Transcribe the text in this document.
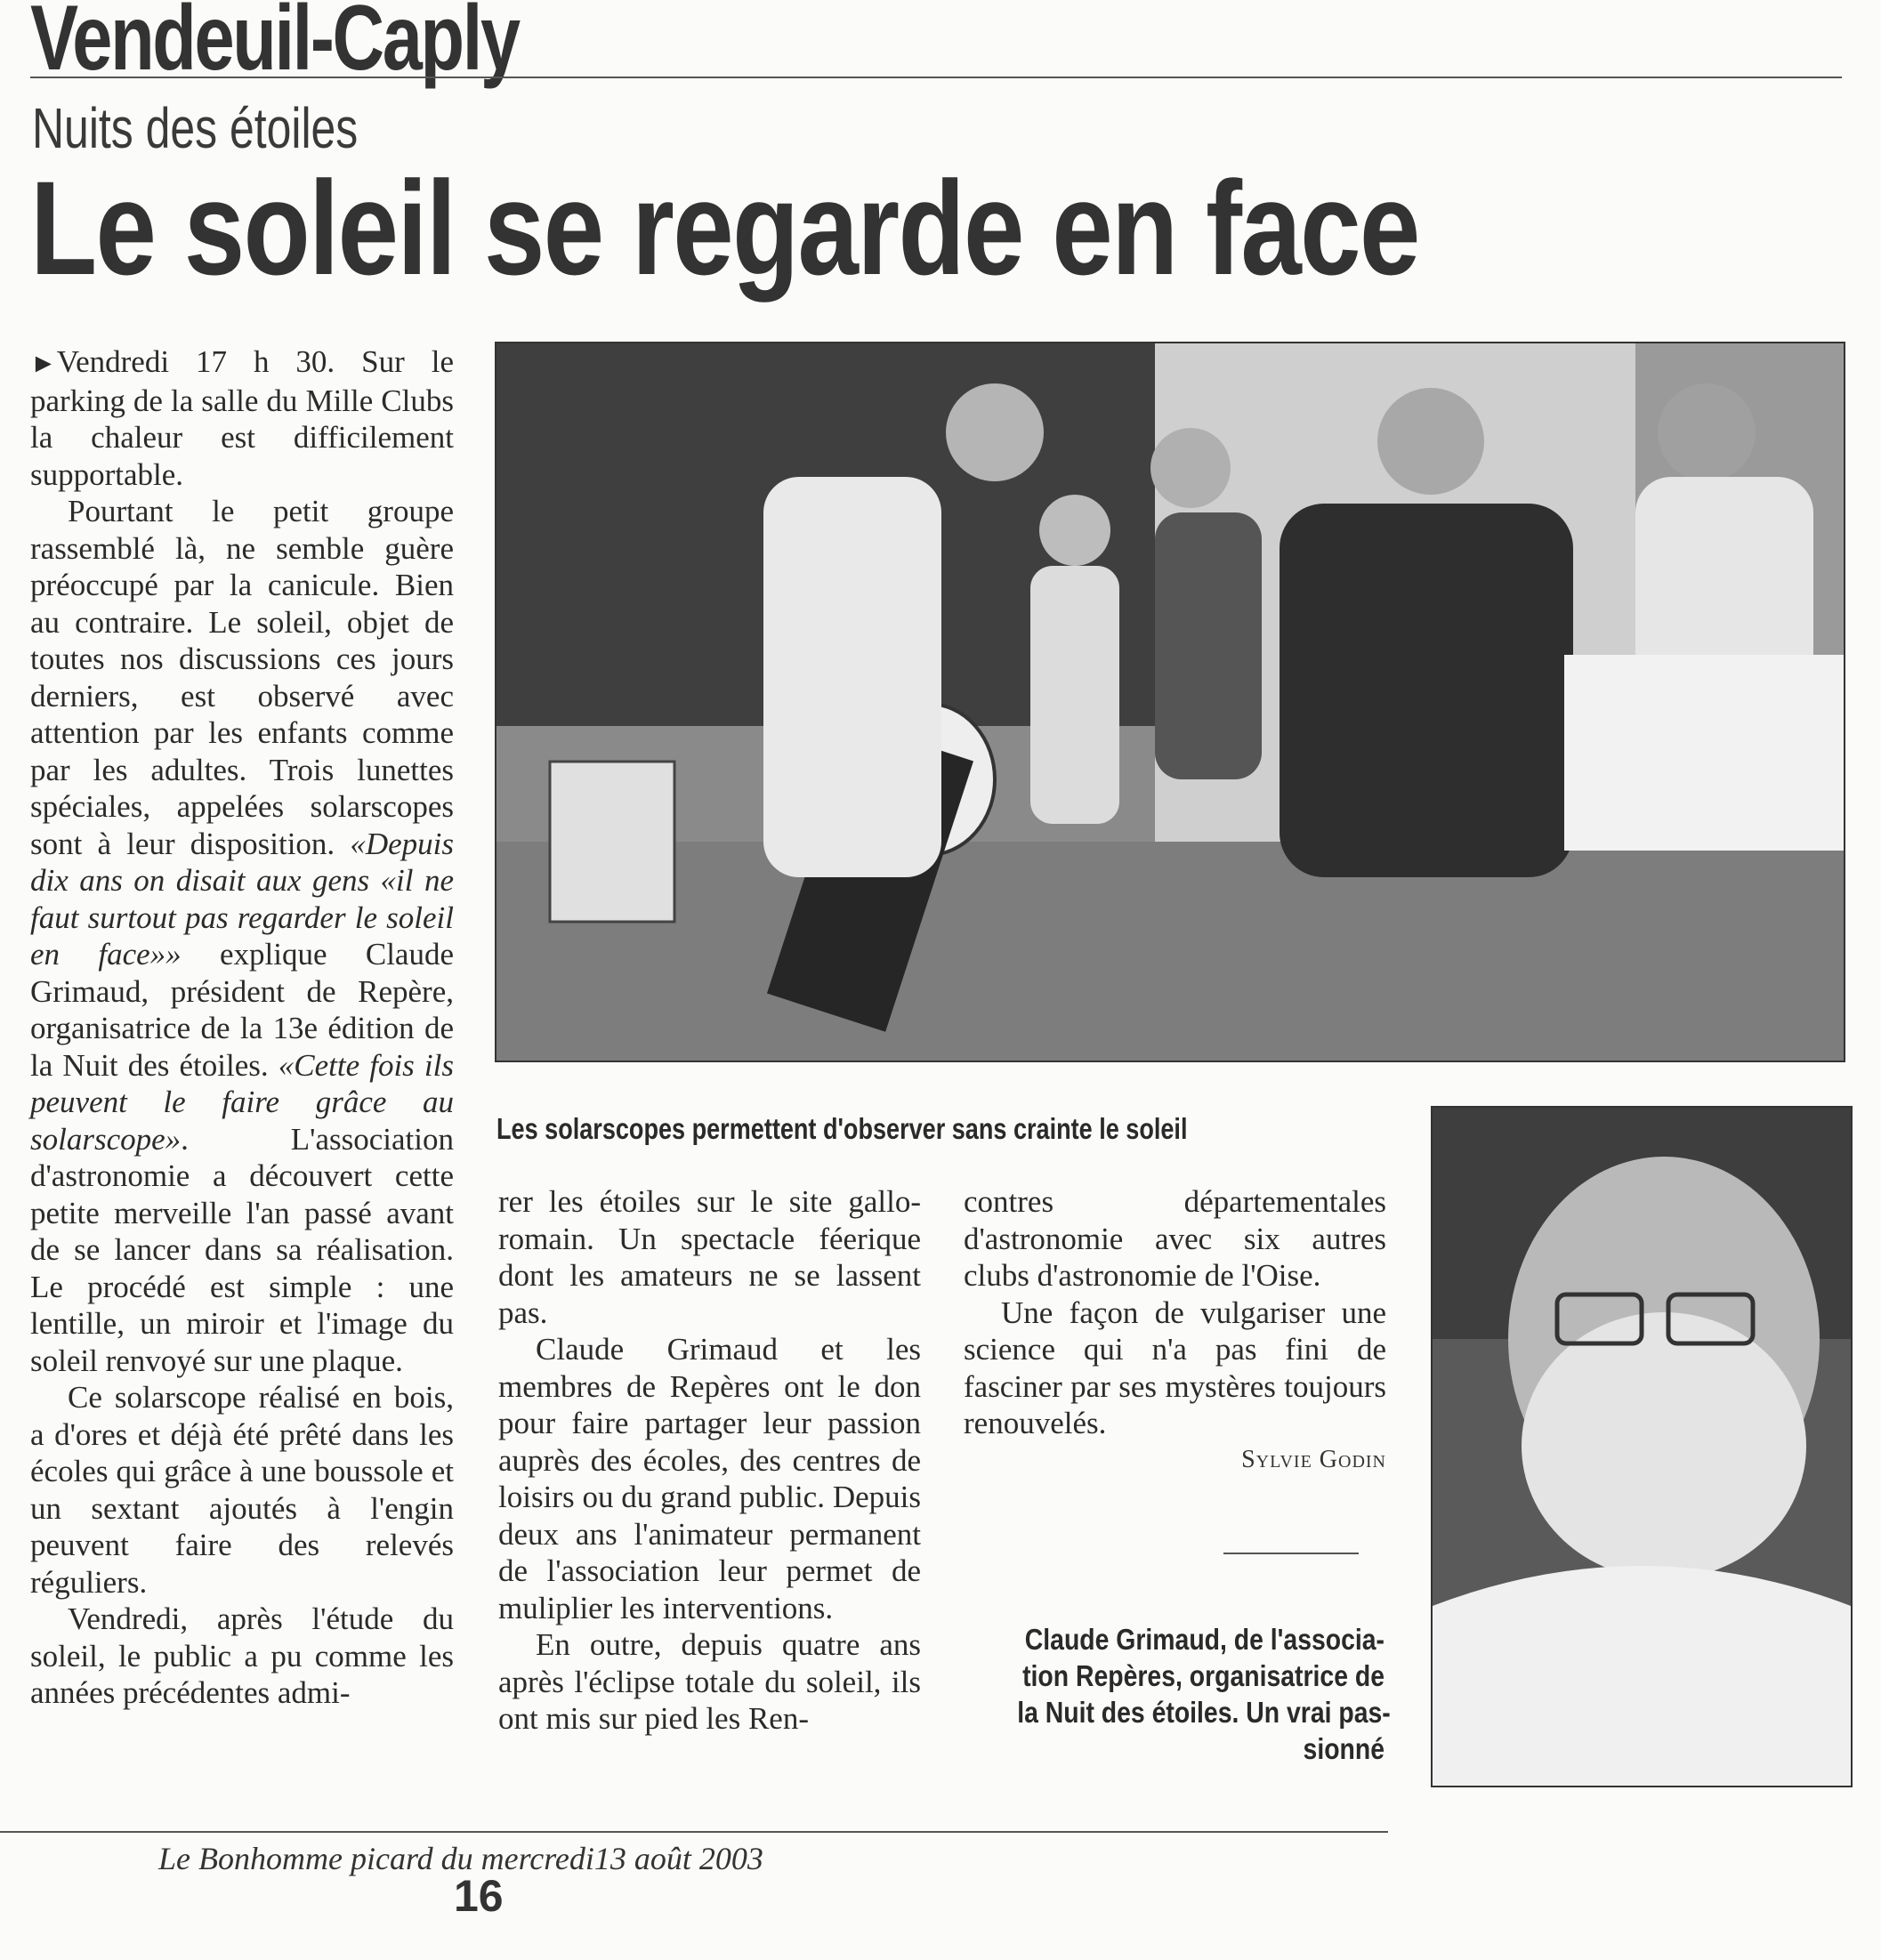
Vendeuil-Caply
Nuits des étoiles
Le soleil se regarde en face

►Vendredi 17 h 30. Sur le parking de la salle du Mille Clubs la chaleur est difficilement supportable.

Pourtant le petit groupe rassemblé là, ne semble guère préoccupé par la canicule. Bien au contraire. Le soleil, objet de toutes nos discussions ces jours derniers, est observé avec attention par les enfants comme par les adultes. Trois lunettes spéciales, appelées solarscopes sont à leur disposition. «Depuis dix ans on disait aux gens «il ne faut surtout pas regarder le soleil en face»» explique Claude Grimaud, président de Repère, organisatrice de la 13e édition de la Nuit des étoiles. «Cette fois ils peuvent le faire grâce au solarscope». L'association d'astronomie a découvert cette petite merveille l'an passé avant de se lancer dans sa réalisation. Le procédé est simple : une lentille, un miroir et l'image du soleil renvoyé sur une plaque.

Ce solarscope réalisé en bois, a d'ores et déjà été prêté dans les écoles qui grâce à une boussole et un sextant ajoutés à l'engin peuvent faire des relevés réguliers.

Vendredi, après l'étude du soleil, le public a pu comme les années précédentes admi-

rer les étoiles sur le site gallo-romain. Un spectacle féerique dont les amateurs ne se lassent pas.

Claude Grimaud et les membres de Repères ont le don pour faire partager leur passion auprès des écoles, des centres de loisirs ou du grand public. Depuis deux ans l'animateur permanent de l'association leur permet de muliplier les interventions.

En outre, depuis quatre ans après l'éclipse totale du soleil, ils ont mis sur pied les Ren-

contres départementales d'astronomie avec six autres clubs d'astronomie de l'Oise.

Une façon de vulgariser une science qui n'a pas fini de fasciner par ses mystères toujours renouvelés.

Sylvie Godin
Les solarscopes permettent d'observer sans crainte le soleil
Claude Grimaud, de l'associa-
tion Repères, organisatrice de
la Nuit des étoiles. Un vrai pas-
sionné
Le Bonhomme picard du mercredi13 août 2003
16
